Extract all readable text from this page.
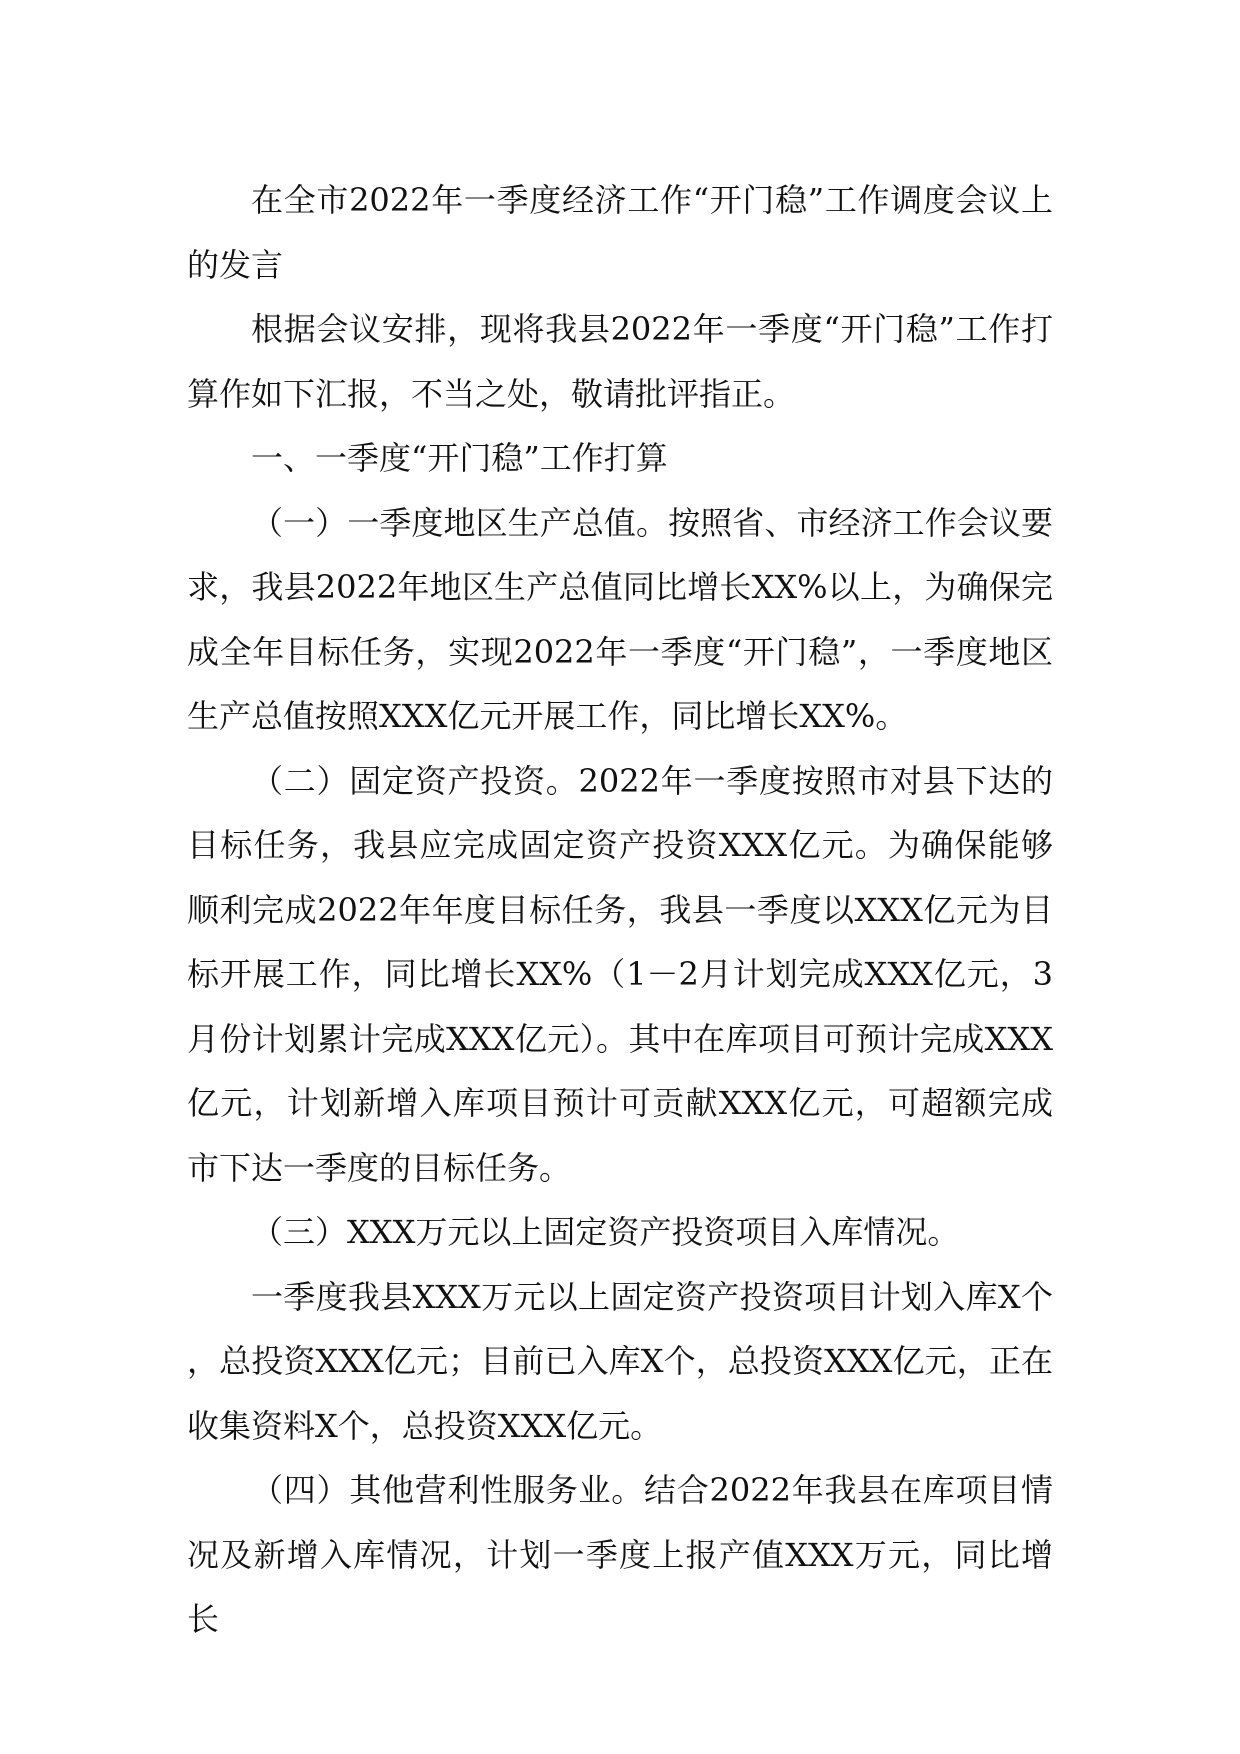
在全市2022年一季度经济工作“开门稳”工作调度会议上的发言

根据会议安排，现将我县2022年一季度“开门稳”工作打算作如下汇报，不当之处，敬请批评指正。

一、一季度“开门稳”工作打算

（一）一季度地区生产总值。按照省、市经济工作会议要求，我县2022年地区生产总值同比增长XX%以上，为确保完成全年目标任务，实现2022年一季度“开门稳”，一季度地区生产总值按照XXX亿元开展工作，同比增长XX%。

（二）固定资产投资。2022年一季度按照市对县下达的目标任务，我县应完成固定资产投资XXX亿元。为确保能够顺利完成2022年年度目标任务，我县一季度以XXX亿元为目标开展工作，同比增长XX%（1－2月计划完成XXX亿元，3月份计划累计完成XXX亿元）。其中在库项目可预计完成XXX亿元，计划新增入库项目预计可贡献XXX亿元，可超额完成市下达一季度的目标任务。

（三）XXX万元以上固定资产投资项目入库情况。

一季度我县XXX万元以上固定资产投资项目计划入库X个，总投资XXX亿元；目前已入库X个，总投资XXX亿元，正在收集资料X个，总投资XXX亿元。

（四）其他营利性服务业。结合2022年我县在库项目情况及新增入库情况，计划一季度上报产值XXX万元，同比增长
